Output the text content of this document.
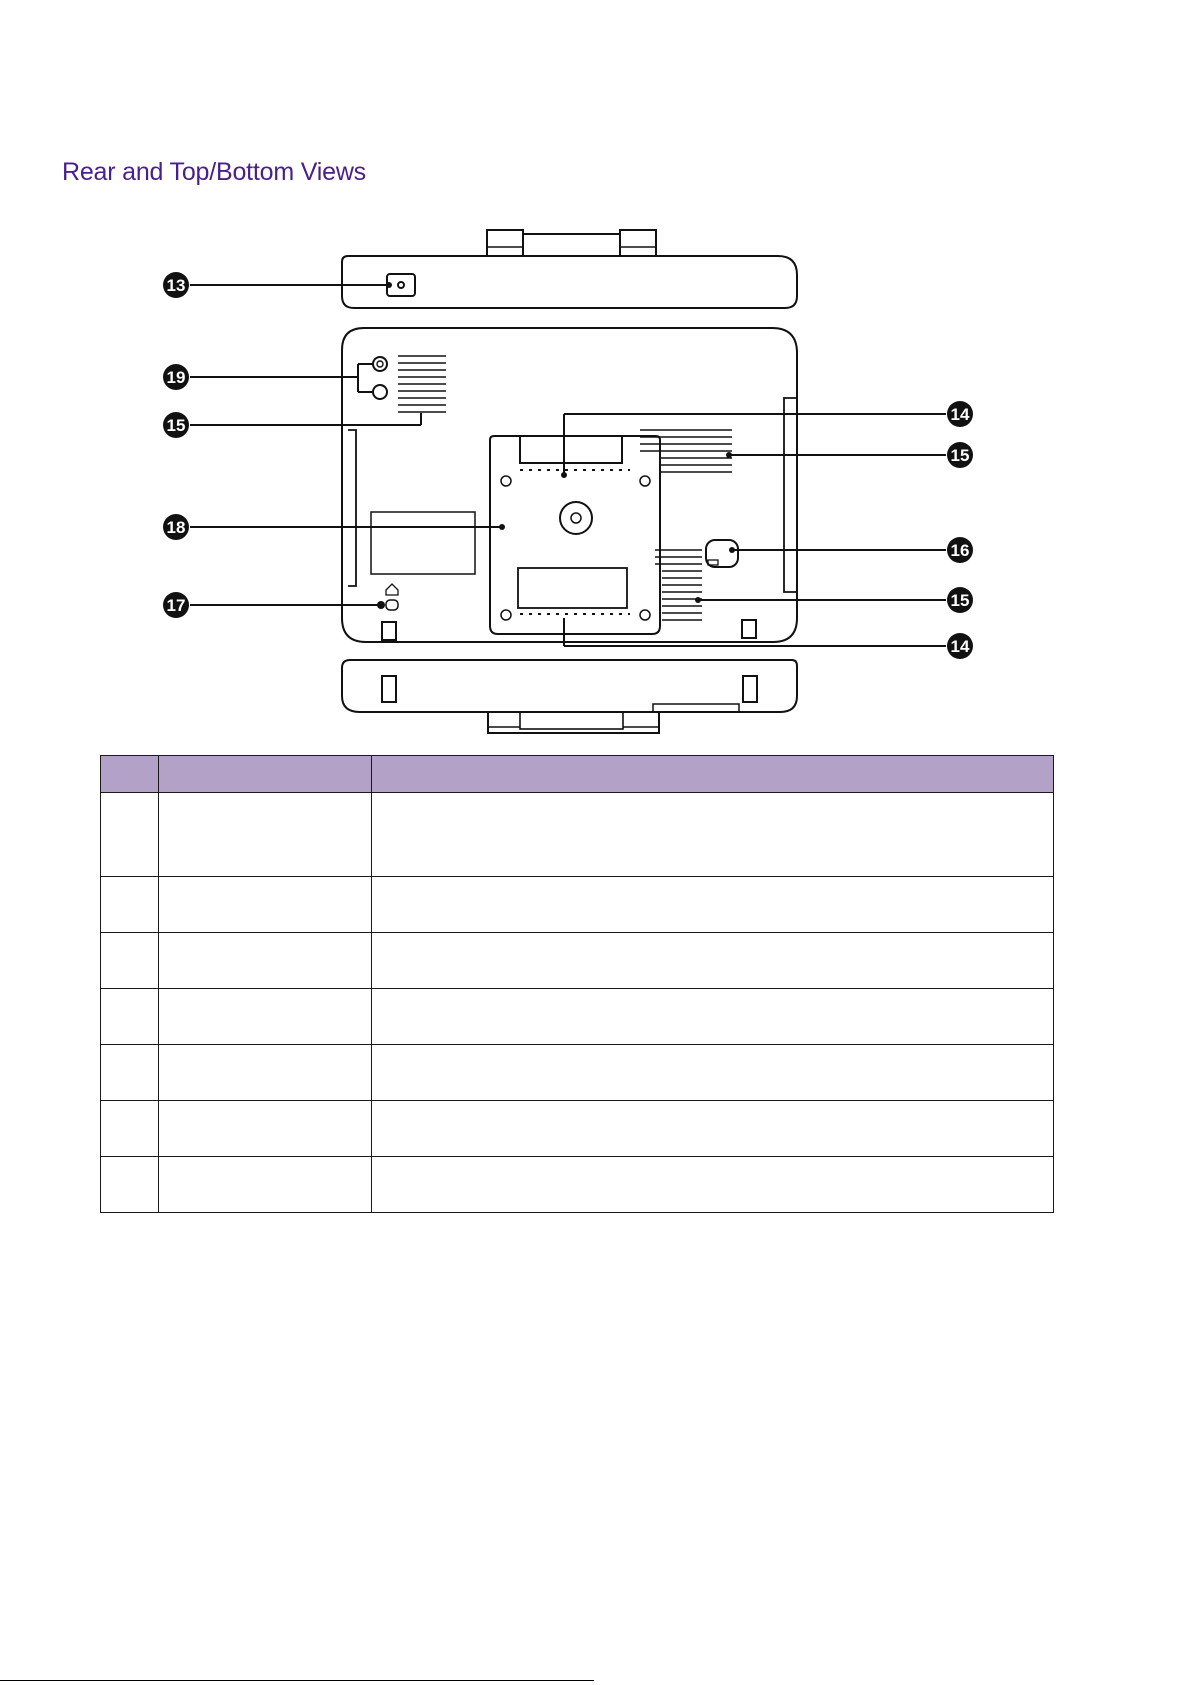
Rear and Top/Bottom Views
13
19
15
18
17
14
15
16
15
14
